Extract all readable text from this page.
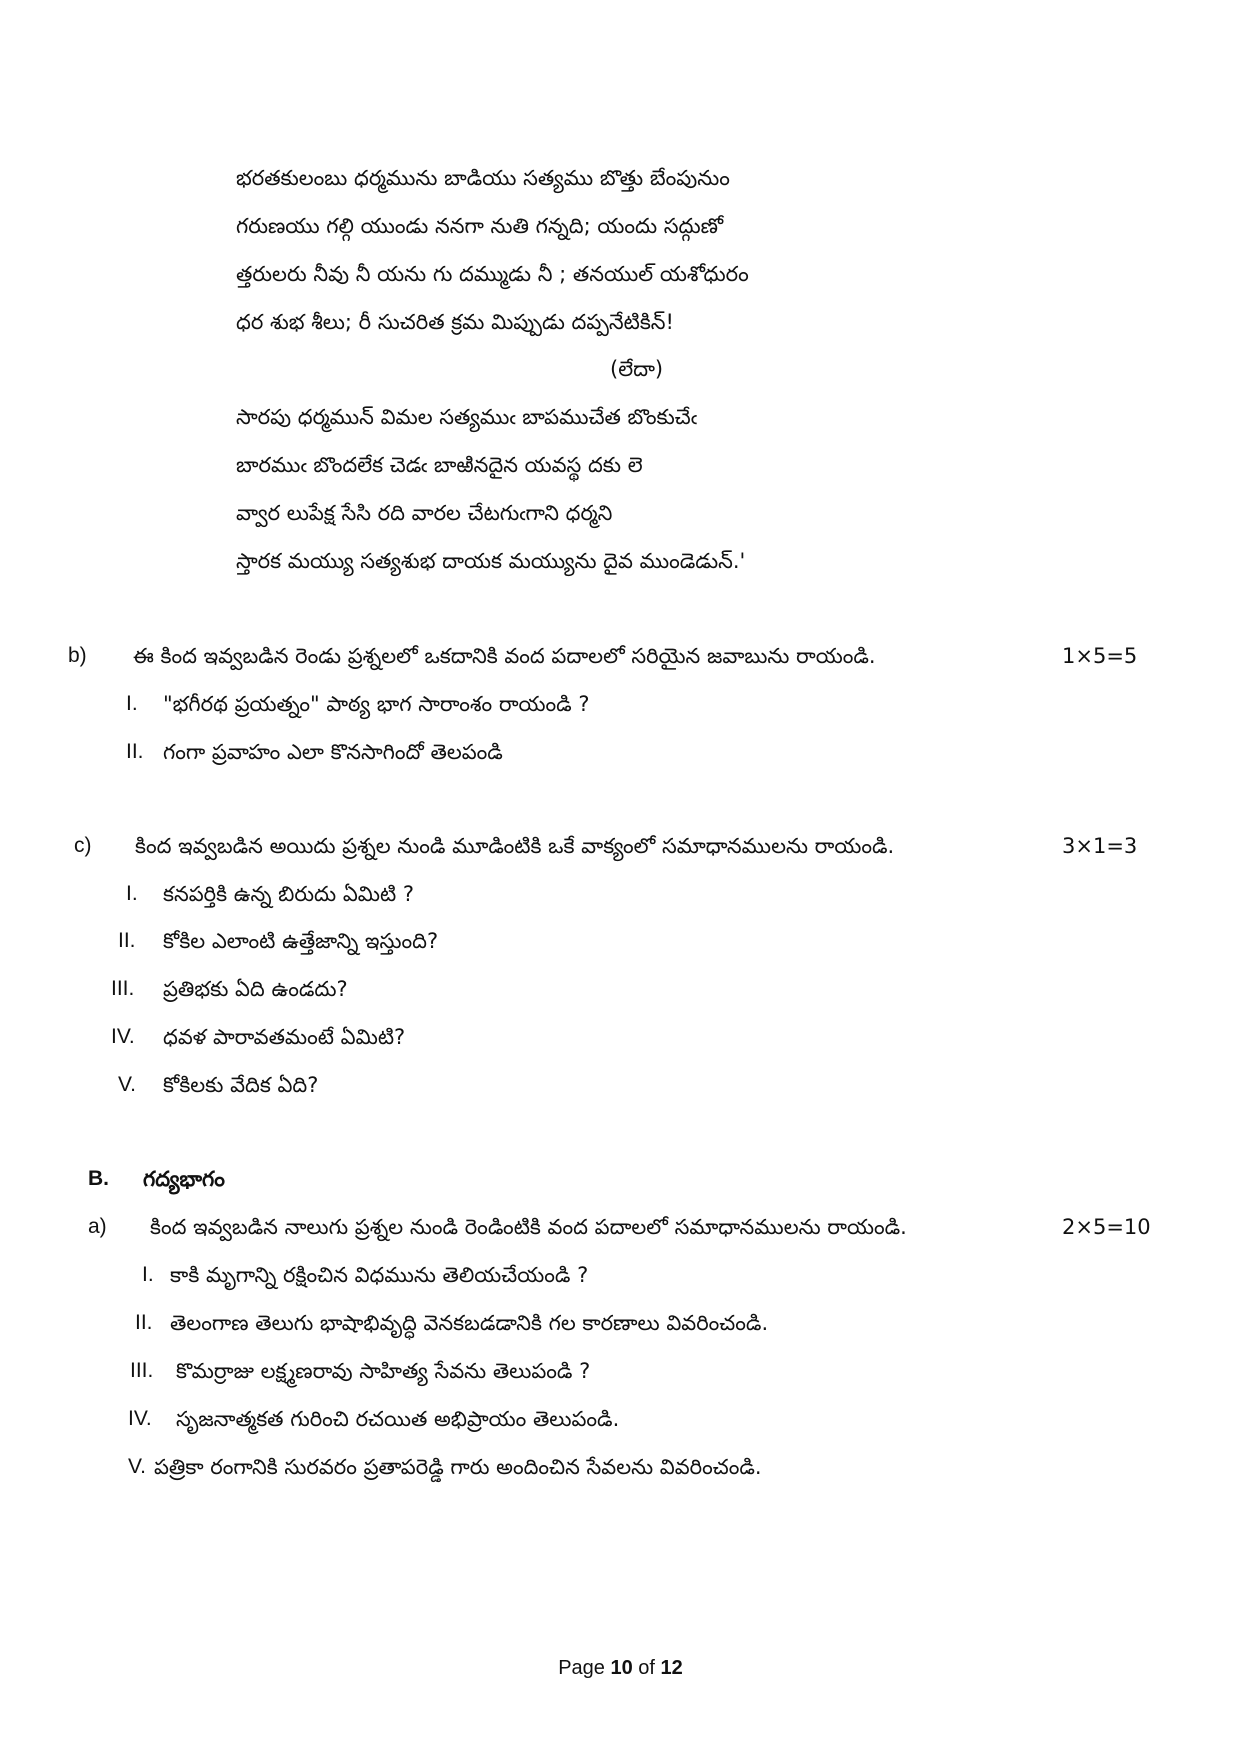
భరతకులంబు ధర్మమును బాడియు సత్యము బొత్తు బేంపునుం
గరుణయు గల్గి యుండు ననగా నుతి గన్నది; యందు సద్గుణో
త్తరులరు నీవు నీ యను గు దమ్ముడు నీ ; తనయుల్ యశోధురం
ధర శుభ శీలు; రీ సుచరిత క్రమ మిప్పుడు దప్పనేటికిన్!
(లేదా)
సారపు ధర్మమున్ విమల సత్యముఁ బాపముచేత బొంకుచేఁ
బారముఁ బొందలేక చెడఁ బాఱినదైన యవస్థ దకు లె
వ్వార లుపేక్ష సేసి రది వారల చేటగుఁగాని ధర్మని
స్తారక మయ్యు సత్యశుభ దాయక మయ్యును దైవ ముండెడున్.'
b) ఈ కింద ఇవ్వబడిన రెండు ప్రశ్నలలో ఒకదానికి వంద పదాలలో సరియైన జవాబును రాయండి.	1×5=5
I. "భగీరథ ప్రయత్నం" పాఠ్య భాగ సారాంశం రాయండి ?
II. గంగా ప్రవాహం ఎలా కొనసాగిందో తెలపండి
c) కింద ఇవ్వబడిన అయిదు ప్రశ్నల నుండి మూడింటికి ఒకే వాక్యంలో సమాధానములను రాయండి.	3×1=3
I. కనపర్తికి ఉన్న బిరుదు ఏమిటి ?
II. కోకిల ఎలాంటి ఉత్తేజాన్ని ఇస్తుంది?
III. ప్రతిభకు ఏది ఉండదు?
IV. ధవళ పారావతమంటే ఏమిటి?
V. కోకిలకు వేదిక ఏది?
B. గద్యభాగం
a) కింద ఇవ్వబడిన నాలుగు ప్రశ్నల నుండి రెండింటికి వంద పదాలలో సమాధానములను రాయండి.	2×5=10
I. కాకి మృగాన్ని రక్షించిన విధమును తెలియచేయండి ?
II. తెలంగాణ తెలుగు భాషాభివృద్ధి వెనకబడడానికి గల కారణాలు వివరించండి.
III. కొమర్రాజు లక్ష్మణరావు సాహిత్య సేవను తెలుపండి ?
IV. సృజనాత్మకత గురించి రచయిత అభిప్రాయం తెలుపండి.
V. పత్రికా రంగానికి సురవరం ప్రతాపరెడ్డి గారు అందించిన సేవలను వివరించండి.
Page 10 of 12
